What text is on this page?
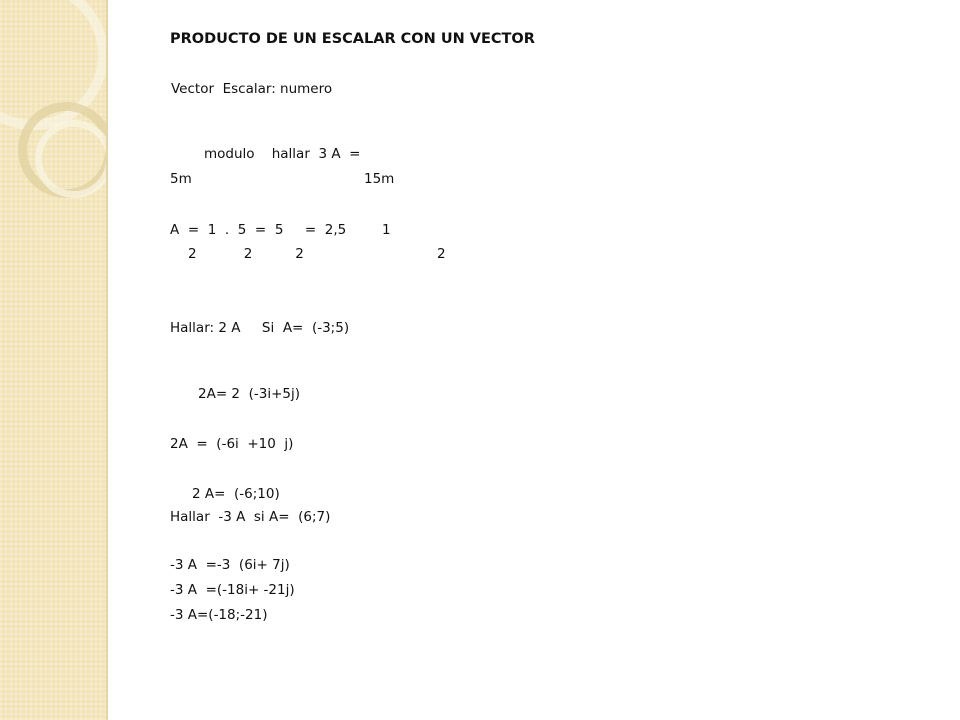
PRODUCTO DE UN ESCALAR CON UN VECTOR

Vector  Escalar: numero

modulo    hallar  3 A  =

5m	15m

A  =  1  .  5  =  5     =  2,5	1

2           2          2	2

Hallar: 2 A     Si  A=  (-3;5)

2A= 2  (-3i+5j)

2A  =  (-6i  +10  j)

2 A=  (-6;10)

Hallar  -3 A  si A=  (6;7)

-3 A  =-3  (6i+ 7j)

-3 A  =(-18i+ -21j)

-3 A=(-18;-21)
